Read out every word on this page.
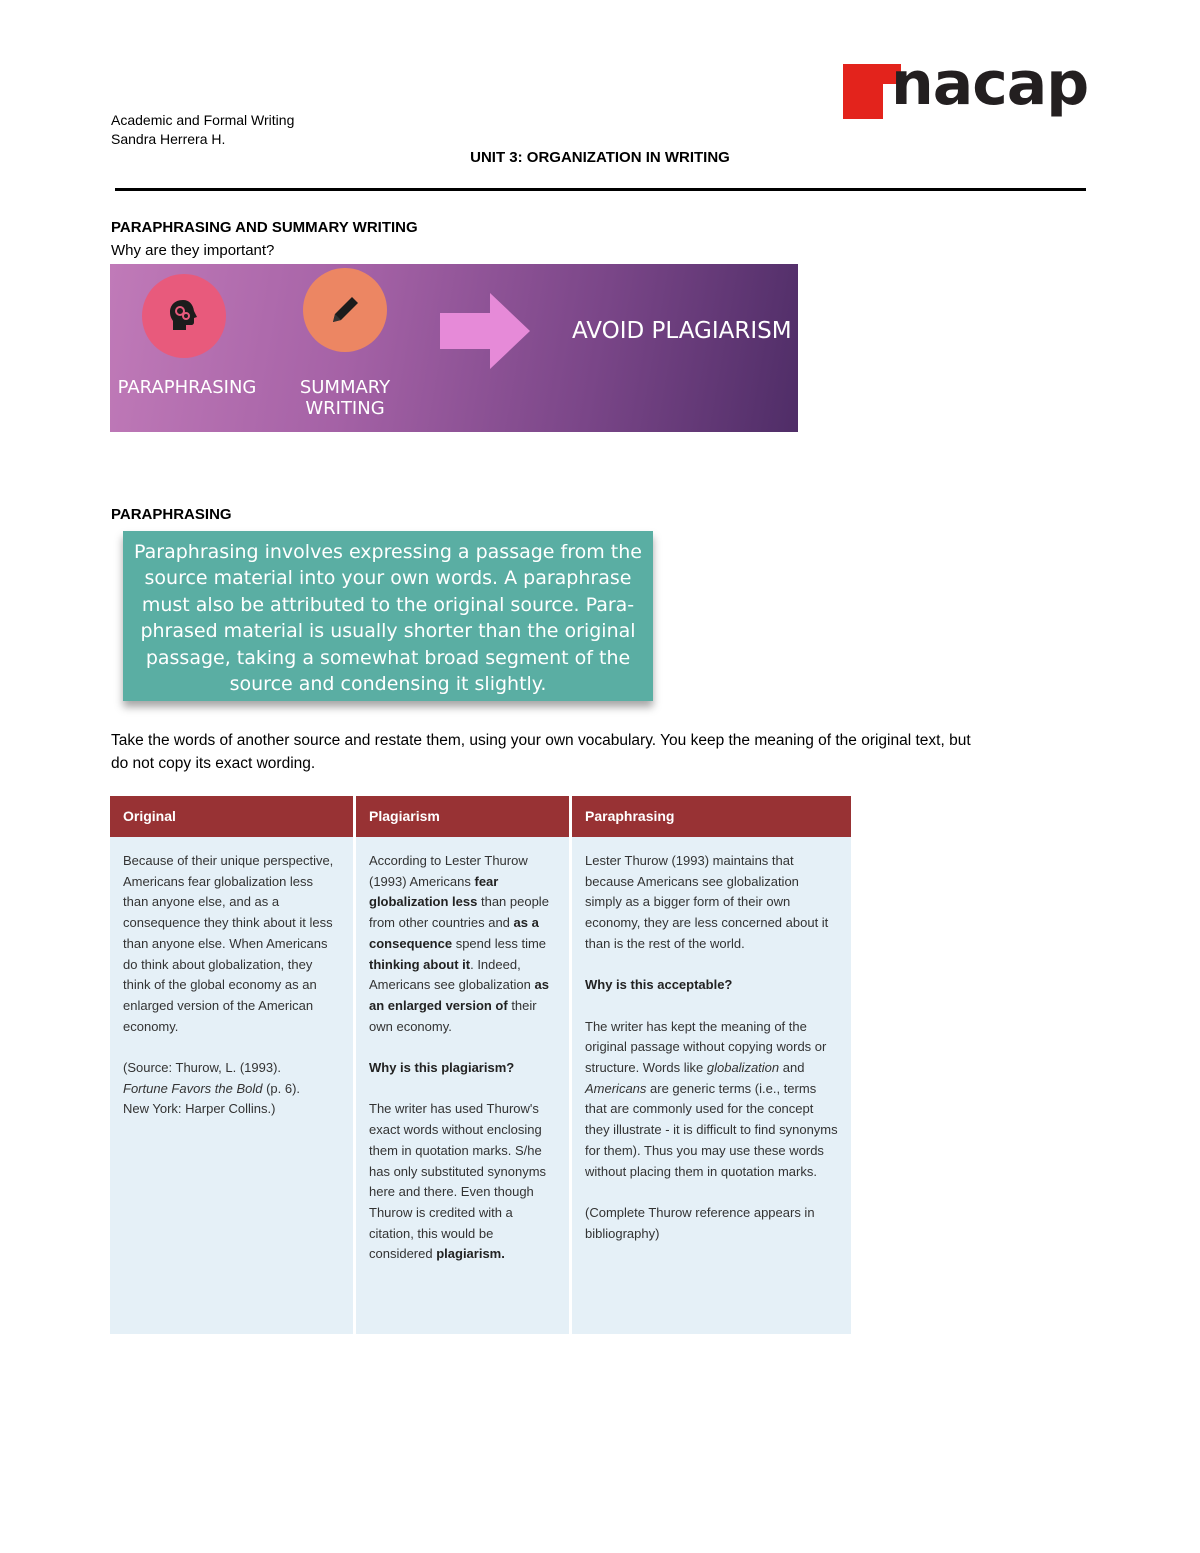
Academic and Formal Writing
Sandra Herrera H.
nacap
UNIT 3: ORGANIZATION IN WRITING
PARAPHRASING AND SUMMARY WRITING
Why are they important?
PARAPHRASING	SUMMARY
WRITING
AVOID PLAGIARISM
PARAPHRASING
Paraphrasing involves expressing a passage from the
source material into your own words. A paraphrase
must also be attributed to the original source. Para-
phrased material is usually shorter than the original
passage, taking a somewhat broad segment of the
source and condensing it slightly.
Take the words of another source and restate them, using your own vocabulary. You keep the meaning of the original text, but
do not copy its exact wording.
Original

Because of their unique perspective, Americans fear globalization less than anyone else, and as a consequence they think about it less than anyone else. When Americans do think about globalization, they think of the global economy as an enlarged version of the American economy.

(Source: Thurow, L. (1993).
Fortune Favors the Bold (p. 6).
New York: Harper Collins.)

Plagiarism

According to Lester Thurow (1993) Americans fear globalization less than people from other countries and as a consequence spend less time thinking about it. Indeed, Americans see globalization as an enlarged version of their own economy.

Why is this plagiarism?

The writer has used Thurow's exact words without enclosing them in quotation marks. S/he has only substituted synonyms here and there. Even though Thurow is credited with a citation, this would be considered plagiarism.

Paraphrasing

Lester Thurow (1993) maintains that because Americans see globalization simply as a bigger form of their own economy, they are less concerned about it than is the rest of the world.

Why is this acceptable?

The writer has kept the meaning of the original passage without copying words or structure. Words like globalization and Americans are generic terms (i.e., terms that are commonly used for the concept they illustrate - it is difficult to find synonyms for them). Thus you may use these words without placing them in quotation marks.

(Complete Thurow reference appears in bibliography)
